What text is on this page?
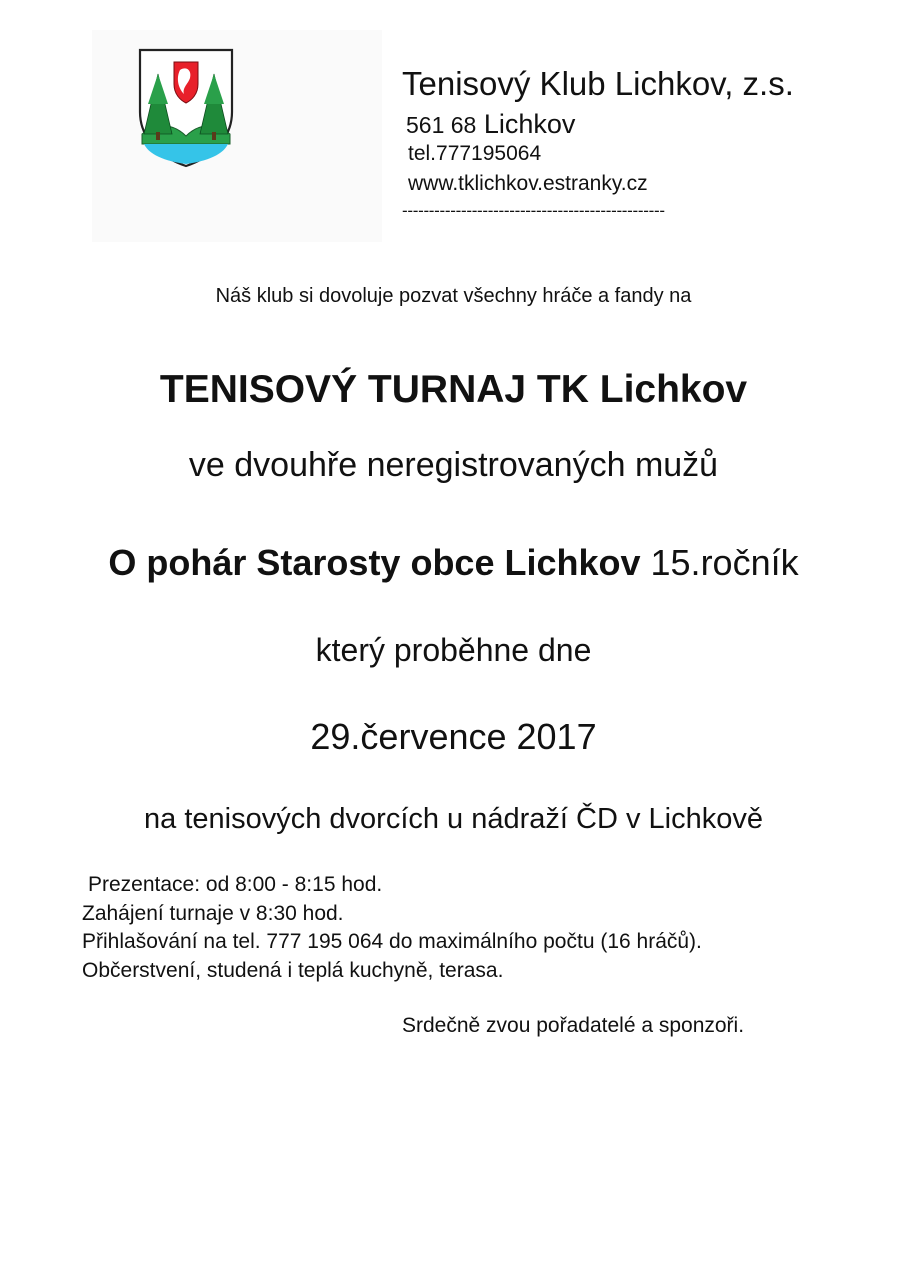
Tenisový Klub Lichkov, z.s.
561 68 Lichkov
tel.777195064
www.tklichkov.estranky.cz
-------------------------------------------------

Náš klub si dovoluje pozvat všechny hráče a fandy na

TENISOVÝ TURNAJ TK Lichkov

ve dvouhře neregistrovaných mužů

O pohár Starosty obce Lichkov 15.ročník

který proběhne dne

29.července 2017

na tenisových dvorcích u nádraží ČD v Lichkově

Prezentace: od 8:00 - 8:15 hod.
Zahájení turnaje v 8:30 hod.
Přihlašování na tel. 777 195 064 do maximálního počtu (16 hráčů).
Občerstvení, studená i teplá kuchyně, terasa.
Srdečně zvou pořadatelé a sponzoři.
